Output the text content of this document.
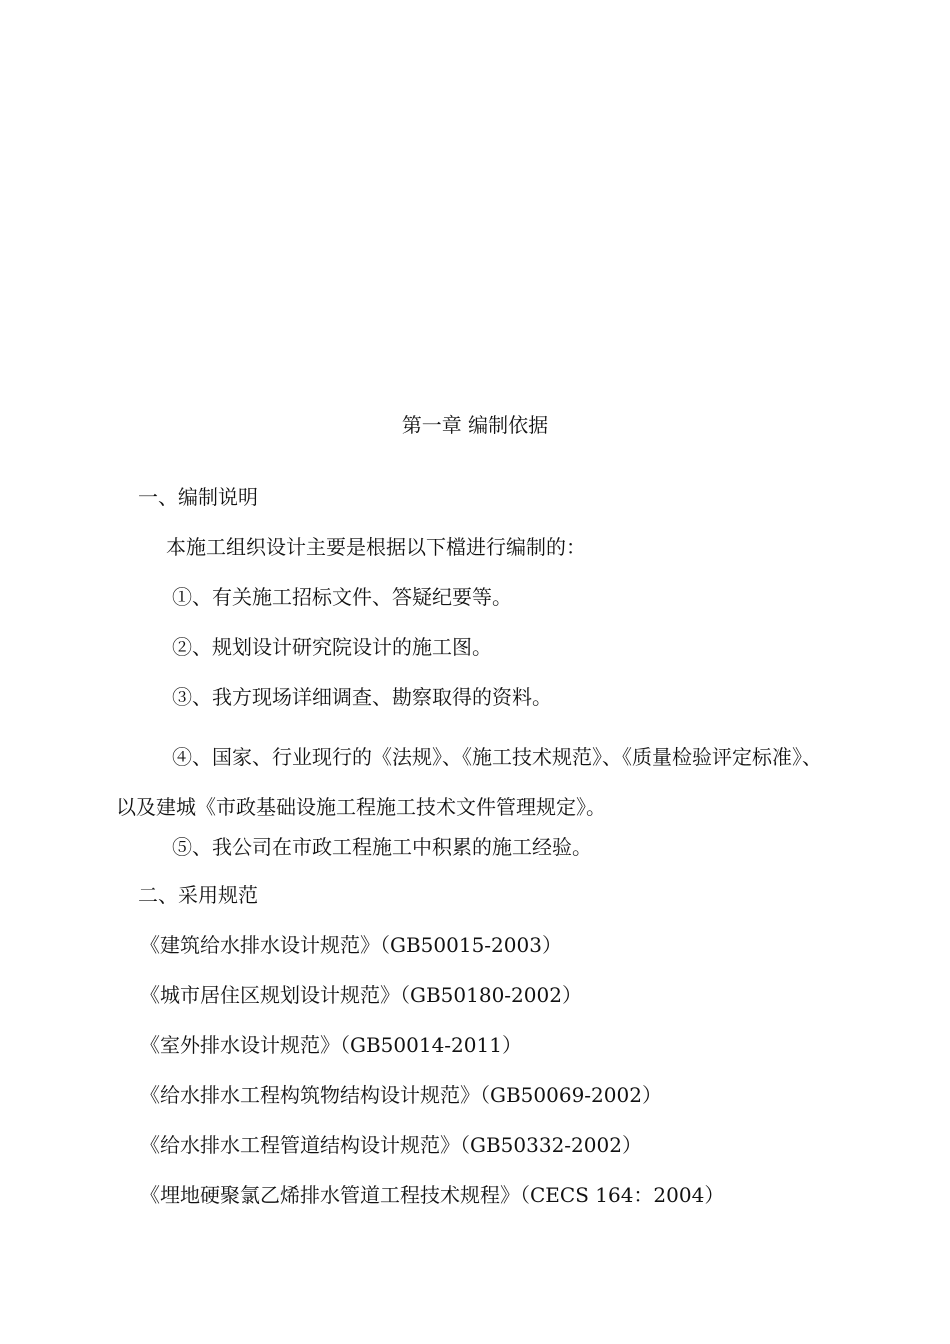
第一章 编制依据
一、编制说明
本施工组织设计主要是根据以下檔进行编制的：
①、有关施工招标文件、答疑纪要等。
②、规划设计研究院设计的施工图。
③、我方现场详细调查、勘察取得的资料。
④、国家、行业现行的《法规》、《施工技术规范》、《质量检验评定标准》、以及建城《市政基础设施工程施工技术文件管理规定》。
⑤、我公司在市政工程施工中积累的施工经验。
二、采用规范
《建筑给水排水设计规范》（GB50015-2003）
《城市居住区规划设计规范》（GB50180-2002）
《室外排水设计规范》（GB50014-2011）
《给水排水工程构筑物结构设计规范》（GB50069-2002）
《给水排水工程管道结构设计规范》（GB50332-2002）
《埋地硬聚氯乙烯排水管道工程技术规程》（CECS 164：2004）
